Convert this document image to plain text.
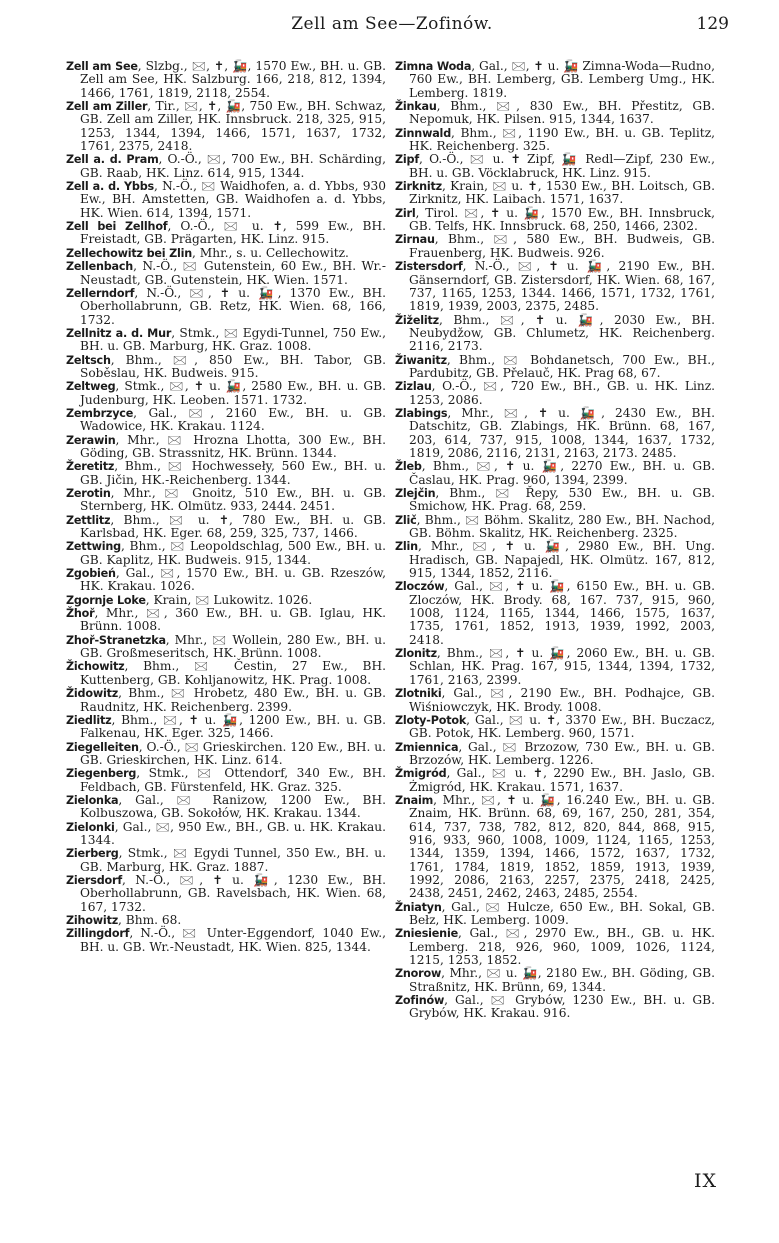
Zell am See—Zofinów.	129

Zell am See, Slzbg., 🖂, ✝, 🚂, 1570 Ew., BH. u. GB. Zell am See, HK. Salzburg. 166, 218, 812, 1394, 1466, 1761, 1819, 2118, 2554.

Zell am Ziller, Tir., 🖂, ✝, 🚂, 750 Ew., BH. Schwaz, GB. Zell am Ziller, HK. Innsbruck. 218, 325, 915, 1253, 1344, 1394, 1466, 1571, 1637, 1732, 1761, 2375, 2418.

Zell a. d. Pram, O.-Ö., 🖂, 700 Ew., BH. Schärding, GB. Raab, HK. Linz. 614, 915, 1344.

Zell a. d. Ybbs, N.-Ö., 🖂 Waidhofen, a. d. Ybbs, 930 Ew., BH. Amstetten, GB. Waidhofen a. d. Ybbs, HK. Wien. 614, 1394, 1571.

Zell bei Zellhof, O.-Ö., 🖂 u. ✝, 599 Ew., BH. Freistadt, GB. Prägarten, HK. Linz. 915.

Zellechowitz bei Zlin, Mhr., s. u. Cellechowitz.

Zellenbach, N.-Ö., 🖂 Gutenstein, 60 Ew., BH. Wr.-Neustadt, GB. Gutenstein, HK. Wien. 1571.

Zellerndorf, N.-Ö., 🖂, ✝ u. 🚂, 1370 Ew., BH. Oberhollabrunn, GB. Retz, HK. Wien. 68, 166, 1732.

Zellnitz a. d. Mur, Stmk., 🖂 Egydi-Tunnel, 750 Ew., BH. u. GB. Marburg, HK. Graz. 1008.

Zeltsch, Bhm., 🖂, 850 Ew., BH. Tabor, GB. Soběslau, HK. Budweis. 915.

Zeltweg, Stmk., 🖂, ✝ u. 🚂, 2580 Ew., BH. u. GB. Judenburg, HK. Leoben. 1571. 1732.

Zembrzyce, Gal., 🖂, 2160 Ew., BH. u. GB. Wadowice, HK. Krakau. 1124.

Zerawin, Mhr., 🖂 Hrozna Lhotta, 300 Ew., BH. Göding, GB. Strassnitz, HK. Brünn. 1344.

Žeretitz, Bhm., 🖂 Hochwesseły, 560 Ew., BH. u. GB. Jičin, HK.-Reichenberg. 1344.

Zerotin, Mhr., 🖂 Gnoitz, 510 Ew., BH. u. GB. Sternberg, HK. Olmütz. 933, 2444. 2451.

Zettlitz, Bhm., 🖂 u. ✝, 780 Ew., BH. u. GB. Karlsbad, HK. Eger. 68, 259, 325, 737, 1466.

Zettwing, Bhm., 🖂 Leopoldschlag, 500 Ew., BH. u. GB. Kaplitz, HK. Budweis. 915, 1344.

Zgobień, Gal., 🖂, 1570 Ew., BH. u. GB. Rzeszów, HK. Krakau. 1026.

Zgornje Loke, Krain, 🖂 Lukowitz. 1026.

Žhoř, Mhr., 🖂, 360 Ew., BH. u. GB. Iglau, HK. Brünn. 1008.

Zhoř-Stranetzka, Mhr., 🖂 Wollein, 280 Ew., BH. u. GB. Großmeseritsch, HK. Brünn. 1008.

Žichowitz, Bhm., 🖂 Čestin, 27 Ew., BH. Kuttenberg, GB. Kohljanowitz, HK. Prag. 1008.

Židowitz, Bhm., 🖂 Hrobetz, 480 Ew., BH. u. GB. Raudnitz, HK. Reichenberg. 2399.

Ziedlitz, Bhm., 🖂, ✝ u. 🚂, 1200 Ew., BH. u. GB. Falkenau, HK. Eger. 325, 1466.

Ziegelleiten, O.-Ö., 🖂 Grieskirchen. 120 Ew., BH. u. GB. Grieskirchen, HK. Linz. 614.

Ziegenberg, Stmk., 🖂 Ottendorf, 340 Ew., BH. Feldbach, GB. Fürstenfeld, HK. Graz. 325.

Zielonka, Gal., 🖂 Ranizow, 1200 Ew., BH. Kolbuszowa, GB. Sokołów, HK. Krakau. 1344.

Zielonki, Gal., 🖂, 950 Ew., BH., GB. u. HK. Krakau. 1344.

Zierberg, Stmk., 🖂 Egydi Tunnel, 350 Ew., BH. u. GB. Marburg, HK. Graz. 1887.

Ziersdorf, N.-Ö., 🖂, ✝ u. 🚂, 1230 Ew., BH. Oberhollabrunn, GB. Ravelsbach, HK. Wien. 68, 167, 1732.

Zihowitz, Bhm. 68.

Zillingdorf, N.-Ö., 🖂 Unter-Eggendorf, 1040 Ew., BH. u. GB. Wr.-Neustadt, HK. Wien. 825, 1344.

Zimna Woda, Gal., 🖂, ✝ u. 🚂 Zimna-Woda—Rudno, 760 Ew., BH. Lemberg, GB. Lemberg Umg., HK. Lemberg. 1819.

Žinkau, Bhm., 🖂, 830 Ew., BH. Přestitz, GB. Nepomuk, HK. Pilsen. 915, 1344, 1637.

Zinnwald, Bhm., 🖂, 1190 Ew., BH. u. GB. Teplitz, HK. Reichenberg. 325.

Zipf, O.-Ö., 🖂 u. ✝ Zipf, 🚂 Redl—Zipf, 230 Ew., BH. u. GB. Vöcklabruck, HK. Linz. 915.

Zirknitz, Krain, 🖂 u. ✝, 1530 Ew., BH. Loitsch, GB. Zirknitz, HK. Laibach. 1571, 1637.

Zirl, Tirol. 🖂, ✝ u. 🚂, 1570 Ew., BH. Innsbruck, GB. Telfs, HK. Innsbruck. 68, 250, 1466, 2302.

Zirnau, Bhm., 🖂, 580 Ew., BH. Budweis, GB. Frauenberg, HK. Budweis. 926.

Zistersdorf, N.-Ö., 🖂, ✝ u. 🚂, 2190 Ew., BH. Gänserndorf, GB. Zistersdorf, HK. Wien. 68, 167, 737, 1165, 1253, 1344. 1466, 1571, 1732, 1761, 1819, 1939, 2003, 2375, 2485.

Žiželitz, Bhm., 🖂, ✝ u. 🚂, 2030 Ew., BH. Neubydžow, GB. Chlumetz, HK. Reichenberg. 2116, 2173.

Žiwanitz, Bhm., 🖂 Bohdanetsch, 700 Ew., BH., Pardubitz, GB. Přelauč, HK. Prag 68, 67.

Zizlau, O.-Ö., 🖂, 720 Ew., BH., GB. u. HK. Linz. 1253, 2086.

Zlabings, Mhr., 🖂, ✝ u. 🚂, 2430 Ew., BH. Datschitz, GB. Zlabings, HK. Brünn. 68, 167, 203, 614, 737, 915, 1008, 1344, 1637, 1732, 1819, 2086, 2116, 2131, 2163, 2173. 2485.

Žleb, Bhm., 🖂, ✝ u. 🚂, 2270 Ew., BH. u. GB. Časlau, HK. Prag. 960, 1394, 2399.

Zlejčin, Bhm., 🖂 Řepy, 530 Ew., BH. u. GB. Smichow, HK. Prag. 68, 259.

Zlič, Bhm., 🖂 Böhm. Skalitz, 280 Ew., BH. Nachod, GB. Böhm. Skalitz, HK. Reichenberg. 2325.

Zlin, Mhr., 🖂, ✝ u. 🚂, 2980 Ew., BH. Ung. Hradisch, GB. Napajedl, HK. Olmütz. 167, 812, 915, 1344, 1852, 2116.

Zloczów, Gal., 🖂, ✝ u. 🚂, 6150 Ew., BH. u. GB. Zloczów, HK. Brody. 68, 167. 737, 915, 960, 1008, 1124, 1165, 1344, 1466, 1575, 1637, 1735, 1761, 1852, 1913, 1939, 1992, 2003, 2418.

Zlonitz, Bhm., 🖂, ✝ u. 🚂, 2060 Ew., BH. u. GB. Schlan, HK. Prag. 167, 915, 1344, 1394, 1732, 1761, 2163, 2399.

Zlotniki, Gal., 🖂, 2190 Ew., BH. Podhajce, GB. Wiśniowczyk, HK. Brody. 1008.

Zloty-Potok, Gal., 🖂 u. ✝, 3370 Ew., BH. Buczacz, GB. Potok, HK. Lemberg. 960, 1571.

Zmiennica, Gal., 🖂 Brzozow, 730 Ew., BH. u. GB. Brzozów, HK. Lemberg. 1226.

Žmigród, Gal., 🖂 u. ✝, 2290 Ew., BH. Jaslo, GB. Żmigród, HK. Krakau. 1571, 1637.

Znaim, Mhr., 🖂, ✝ u. 🚂, 16.240 Ew., BH. u. GB. Znaim, HK. Brünn. 68, 69, 167, 250, 281, 354, 614, 737, 738, 782, 812, 820, 844, 868, 915, 916, 933, 960, 1008, 1009, 1124, 1165, 1253, 1344, 1359, 1394, 1466, 1572, 1637, 1732, 1761, 1784, 1819, 1852, 1859, 1913, 1939, 1992, 2086, 2163, 2257, 2375, 2418, 2425, 2438, 2451, 2462, 2463, 2485, 2554.

Žniatyn, Gal., 🖂 Hulcze, 650 Ew., BH. Sokal, GB. Bełz, HK. Lemberg. 1009.

Zniesienie, Gal., 🖂, 2970 Ew., BH., GB. u. HK. Lemberg. 218, 926, 960, 1009, 1026, 1124, 1215, 1253, 1852.

Znorow, Mhr., 🖂 u. 🚂, 2180 Ew., BH. Göding, GB. Straßnitz, HK. Brünn, 69, 1344.

Zofinów, Gal., 🖂 Grybów, 1230 Ew., BH. u. GB. Grybów, HK. Krakau. 916.

IX
